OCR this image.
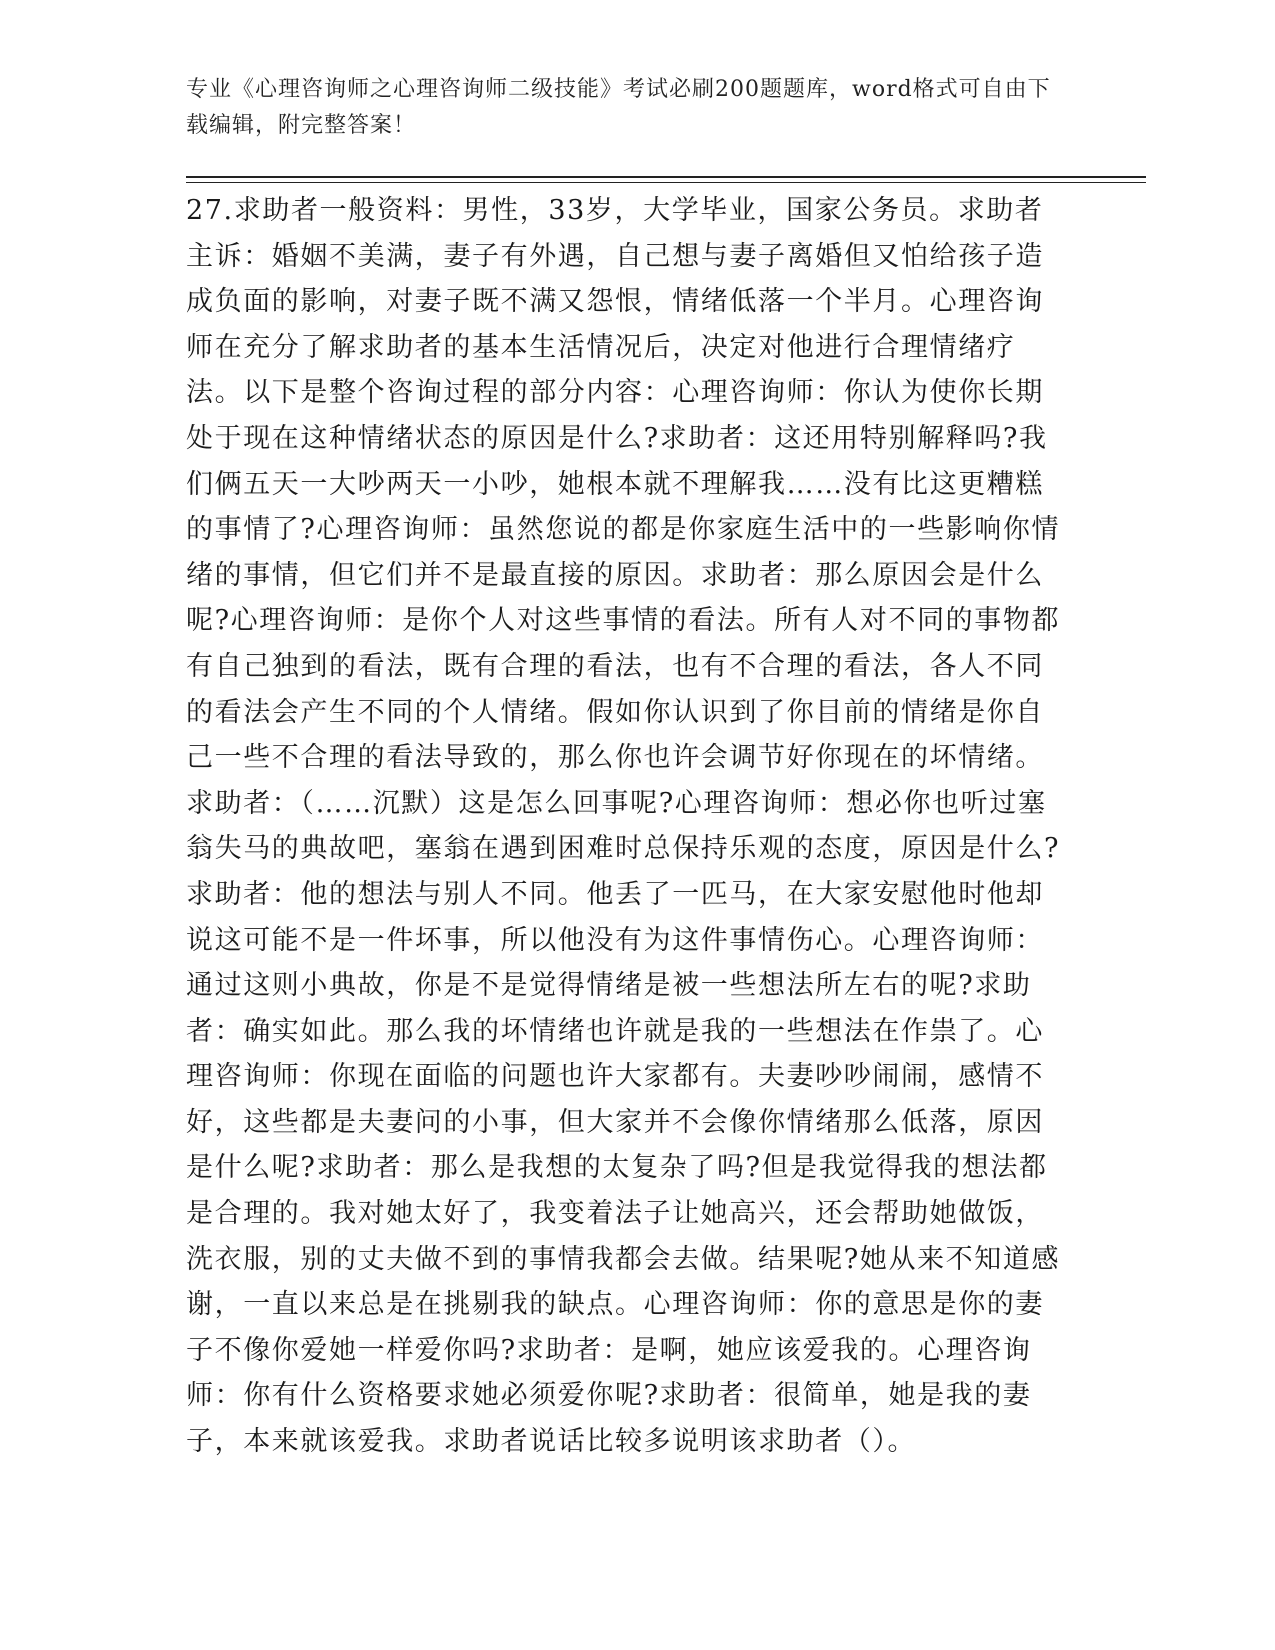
专业《心理咨询师之心理咨询师二级技能》考试必刷200题题库，word格式可自由下载编辑，附完整答案！
27.求助者一般资料：男性，33岁，大学毕业，国家公务员。求助者主诉：婚姻不美满，妻子有外遇，自己想与妻子离婚但又怕给孩子造成负面的影响，对妻子既不满又怨恨，情绪低落一个半月。心理咨询师在充分了解求助者的基本生活情况后，决定对他进行合理情绪疗法。以下是整个咨询过程的部分内容：心理咨询师：你认为使你长期处于现在这种情绪状态的原因是什么?求助者：这还用特别解释吗?我们俩五天一大吵两天一小吵，她根本就不理解我……没有比这更糟糕的事情了?心理咨询师：虽然您说的都是你家庭生活中的一些影响你情绪的事情，但它们并不是最直接的原因。求助者：那么原因会是什么呢?心理咨询师：是你个人对这些事情的看法。所有人对不同的事物都有自己独到的看法，既有合理的看法，也有不合理的看法，各人不同的看法会产生不同的个人情绪。假如你认识到了你目前的情绪是你自己一些不合理的看法导致的，那么你也许会调节好你现在的坏情绪。求助者：（……沉默）这是怎么回事呢?心理咨询师：想必你也听过塞翁失马的典故吧，塞翁在遇到困难时总保持乐观的态度，原因是什么?求助者：他的想法与别人不同。他丢了一匹马，在大家安慰他时他却说这可能不是一件坏事，所以他没有为这件事情伤心。心理咨询师：通过这则小典故，你是不是觉得情绪是被一些想法所左右的呢?求助者：确实如此。那么我的坏情绪也许就是我的一些想法在作祟了。心理咨询师：你现在面临的问题也许大家都有。夫妻吵吵闹闹，感情不好，这些都是夫妻问的小事，但大家并不会像你情绪那么低落，原因是什么呢?求助者：那么是我想的太复杂了吗?但是我觉得我的想法都是合理的。我对她太好了，我变着法子让她高兴，还会帮助她做饭，洗衣服，别的丈夫做不到的事情我都会去做。结果呢?她从来不知道感谢，一直以来总是在挑剔我的缺点。心理咨询师：你的意思是你的妻子不像你爱她一样爱你吗?求助者：是啊，她应该爱我的。心理咨询师：你有什么资格要求她必须爱你呢?求助者：很简单，她是我的妻子，本来就该爱我。求助者说话比较多说明该求助者（）。
